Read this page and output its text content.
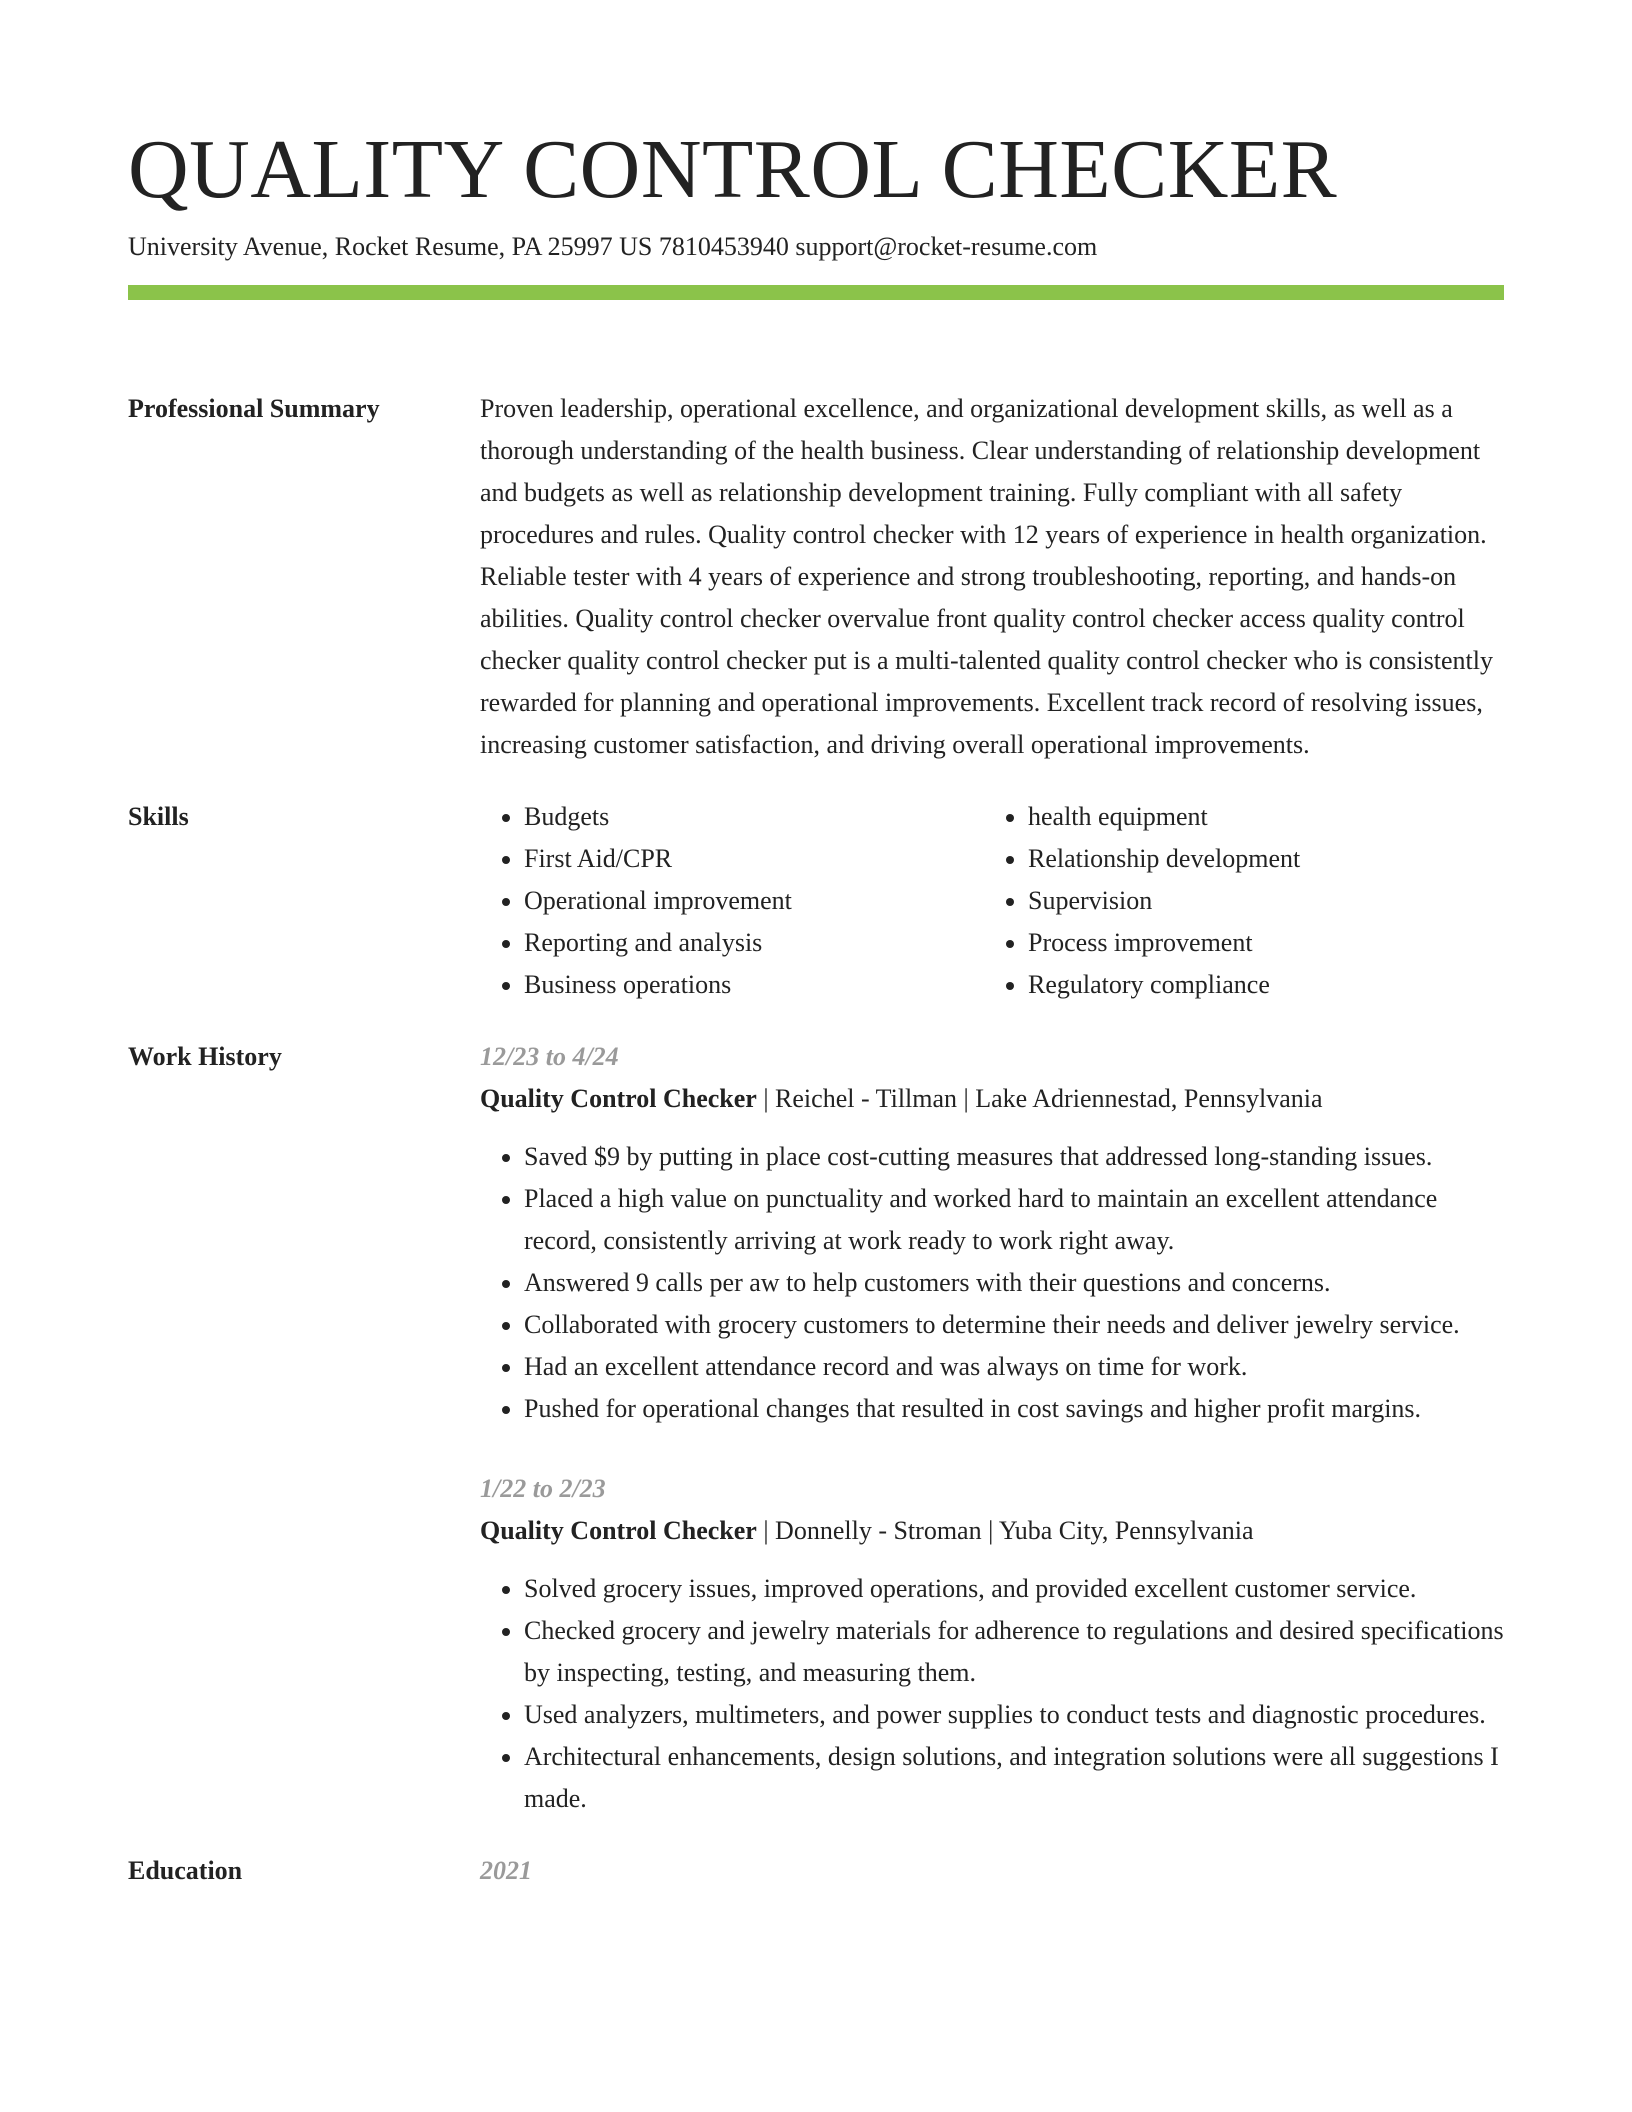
QUALITY CONTROL CHECKER
University Avenue, Rocket Resume, PA 25997 US 7810453940 support@rocket-resume.com
Professional Summary	Proven leadership, operational excellence, and organizational development skills, as well as a thorough understanding of the health business. Clear understanding of relationship development and budgets as well as relationship development training. Fully compliant with all safety procedures and rules. Quality control checker with 12 years of experience in health organization. Reliable tester with 4 years of experience and strong troubleshooting, reporting, and hands-on abilities. Quality control checker overvalue front quality control checker access quality control checker quality control checker put is a multi-talented quality control checker who is consistently rewarded for planning and operational improvements. Excellent track record of resolving issues, increasing customer satisfaction, and driving overall operational improvements.

Skills
•	Budgets
• First Aid/CPR
• Operational improvement
• Reporting and analysis
• Business operations
• health equipment
• Relationship development
• Supervision
• Process improvement
• Regulatory compliance
Work History	12/23 to 4/24
Quality Control Checker | Reichel - Tillman | Lake Adriennestad, Pennsylvania
• Saved $9 by putting in place cost-cutting measures that addressed long-standing issues.
• Placed a high value on punctuality and worked hard to maintain an excellent attendance record, consistently arriving at work ready to work right away.
• Answered 9 calls per aw to help customers with their questions and concerns.
• Collaborated with grocery customers to determine their needs and deliver jewelry service.
• Had an excellent attendance record and was always on time for work.
• Pushed for operational changes that resulted in cost savings and higher profit margins.
1/22 to 2/23
Quality Control Checker | Donnelly - Stroman | Yuba City, Pennsylvania
• Solved grocery issues, improved operations, and provided excellent customer service.
• Checked grocery and jewelry materials for adherence to regulations and desired specifications by inspecting, testing, and measuring them.
• Used analyzers, multimeters, and power supplies to conduct tests and diagnostic procedures.
• Architectural enhancements, design solutions, and integration solutions were all suggestions I made.
Education	2021
